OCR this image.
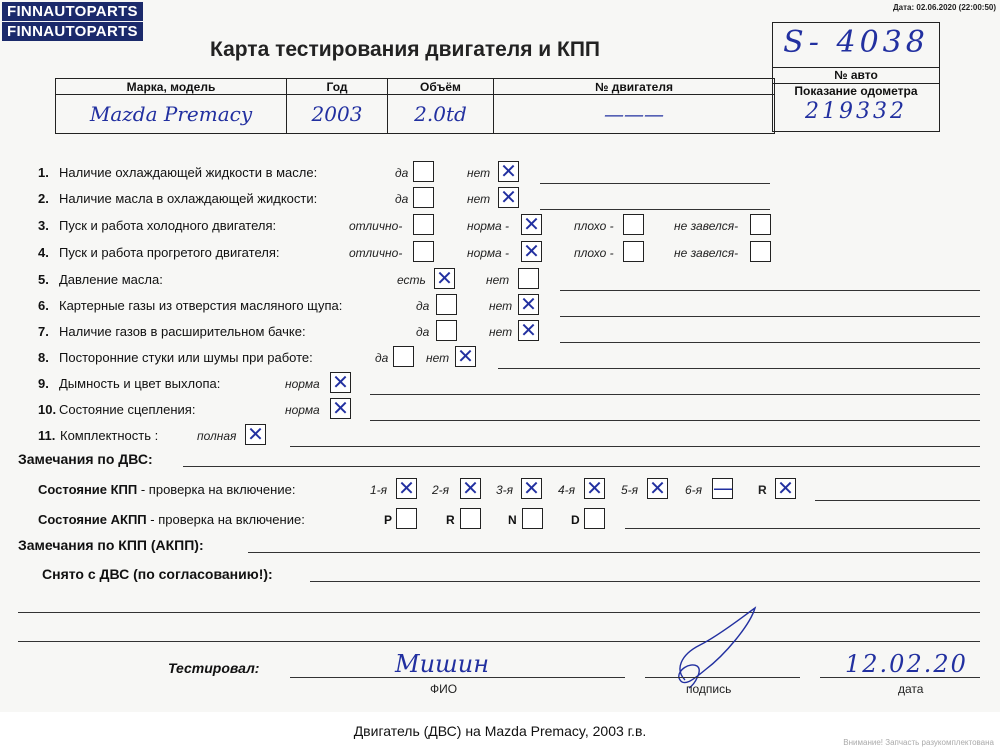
FINNAUTOPARTS
FINNAUTOPARTS
Дата: 02.06.2020 (22:00:50)
Карта тестирования двигателя и КПП	S- 4038
№ авто
Показание одометра
219332
Марка, модель	Год	Объём	№ двигателя
Mazda Premacy	2003	2.0td	———
1. Наличие охлаждающей жидкости в масле:	да	нет ✕
2. Наличие масла в охлаждающей жидкости:	да	нет ✕
3. Пуск и работа холодного двигателя:	отлично-	норма - ✕	плохо -	не завелся-
4. Пуск и работа прогретого двигателя:	отлично-	норма - ✕	плохо -	не завелся-
5. Давление масла:	есть ✕	нет
6. Картерные газы из отверстия масляного щупа:	да	нет ✕
7. Наличие газов в расширительном бачке:	да	нет ✕
8. Посторонние стуки или шумы при работе:	да	нет ✕
9. Дымность и цвет выхлопа:	норма ✕
10. Состояние сцепления:	норма ✕
11. Комплектность :	полная ✕
Замечания по ДВС:
Состояние КПП - проверка на включение:	1-я ✕ 2-я ✕ 3-я ✕ 4-я ✕ 5-я ✕ 6-я — R ✕
Состояние АКПП - проверка на включение:	P	R	N	D
Замечания по КПП (АКПП):
Снято с ДВС (по согласованию!):
Тестировал:	Мишин
ФИО	подпись
12.02.20
дата
Двигатель (ДВС) на Mazda Premacy, 2003 г.в.
Внимание! Запчасть разукомплектована
